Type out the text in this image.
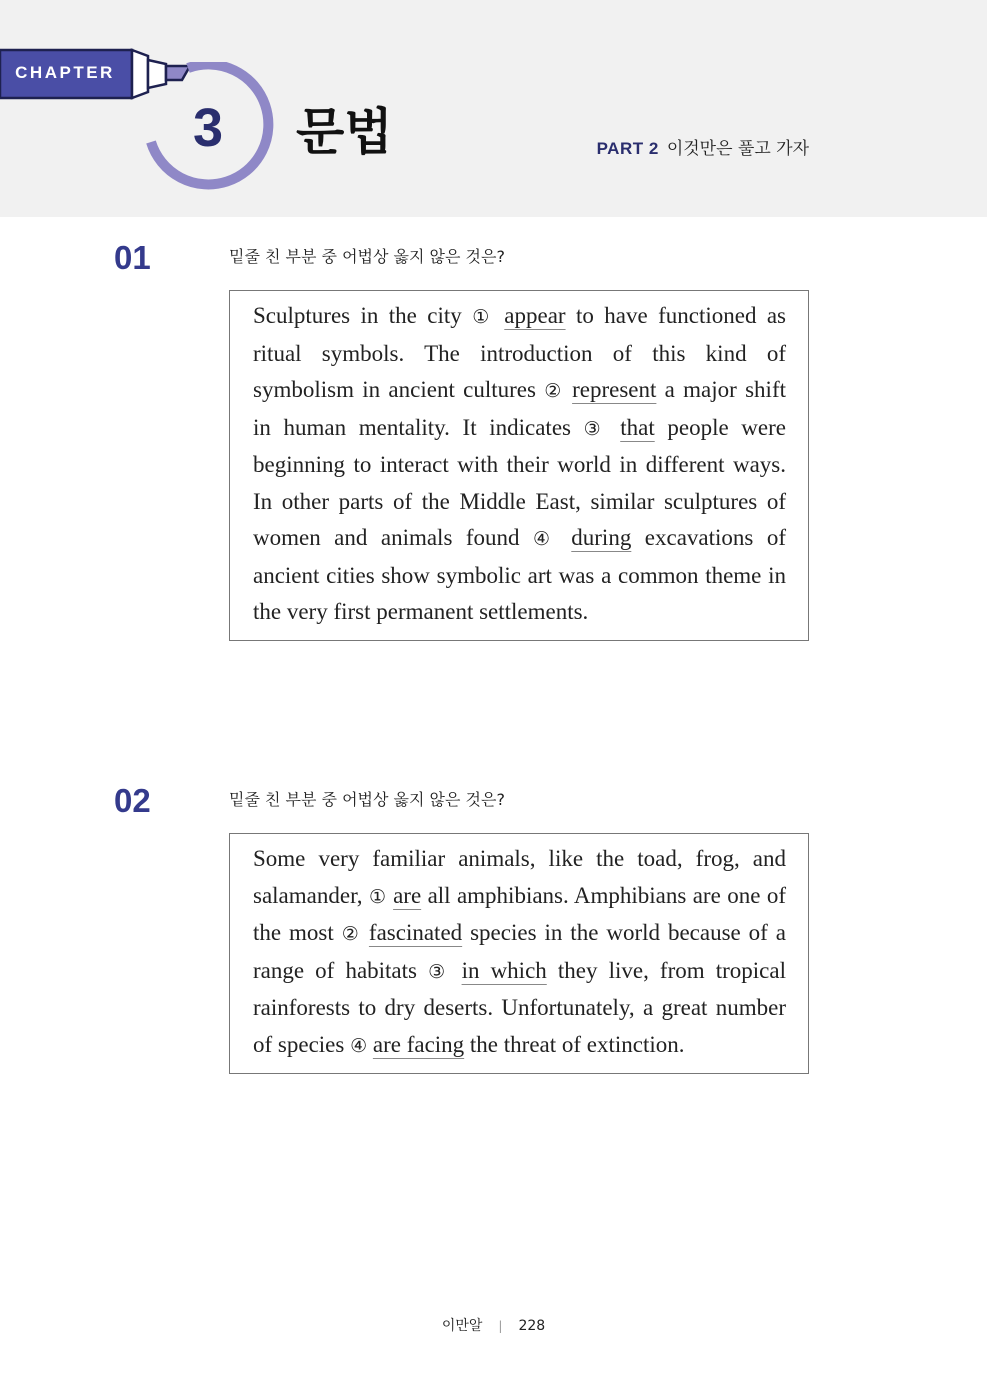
CHAPTER
3	문법	PART 2 이것만은 풀고 가자
01	밑줄 친 부분 중 어법상 옳지 않은 것은?
Sculptures in the city ① appear to have functioned as ritual symbols. The introduction of this kind of symbolism in ancient cultures ② represent a major shift in human mentality. It indicates ③ that people were beginning to interact with their world in different ways. In other parts of the Middle East, similar sculptures of women and animals found ④ during excavations of ancient cities show symbolic art was a common theme in the very first permanent settlements.
02	밑줄 친 부분 중 어법상 옳지 않은 것은?
Some very familiar animals, like the toad, frog, and salamander, ① are all amphibians. Amphibians are one of the most ② fascinated species in the world because of a range of habitats ③ in which they live, from tropical rainforests to dry deserts. Unfortunately, a great number of species ④ are facing the threat of extinction.
이만알 | 228
